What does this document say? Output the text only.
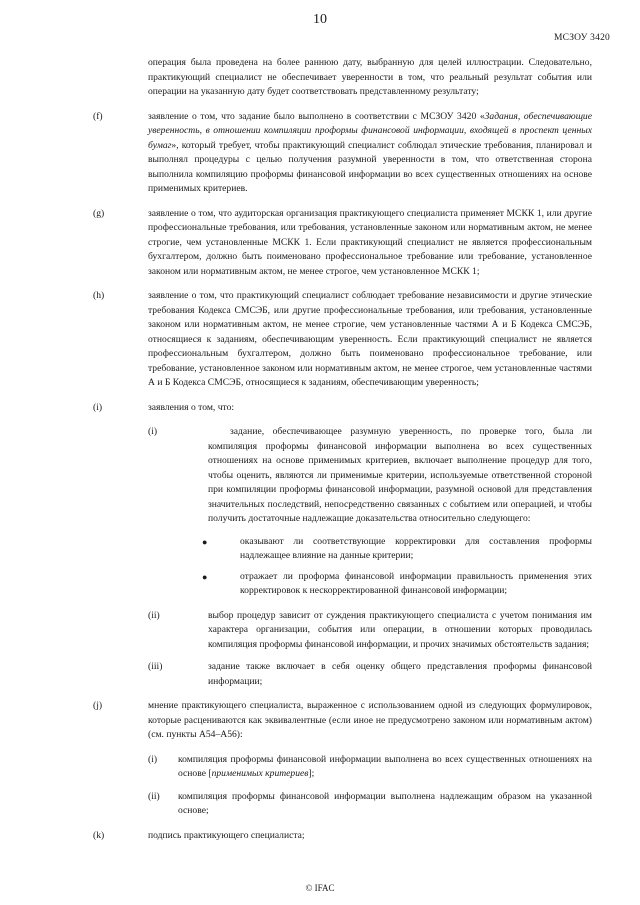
10
МСЗОУ 3420

операция была проведена на более раннюю дату, выбранную для целей иллюстрации. Следовательно, практикующий специалист не обеспечивает уверенности в том, что реальный результат события или операции на указанную дату будет соответствовать представленному результату;

(f)	заявление о том, что задание было выполнено в соответствии с МСЗОУ 3420 «Задания, обеспечивающие уверенность, в отношении компиляции проформы финансовой информации, входящей в проспект ценных бумаг», который требует, чтобы практикующий специалист соблюдал этические требования, планировал и выполнял процедуры с целью получения разумной уверенности в том, что ответственная сторона выполнила компиляцию проформы финансовой информации во всех существенных отношениях на основе применимых критериев.
(g)	заявление о том, что аудиторская организация практикующего специалиста применяет МСКК 1, или другие профессиональные требования, или требования, установленные законом или нормативным актом, не менее строгие, чем установленные МСКК 1. Если практикующий специалист не является профессиональным бухгалтером, должно быть поименовано профессиональное требование или требование, установленное законом или нормативным актом, не менее строгое, чем установленное МСКК 1;
(h)	заявление о том, что практикующий специалист соблюдает требование независимости и другие этические требования Кодекса СМСЭБ, или другие профессиональные требования, или требования, установленные законом или нормативным актом, не менее строгие, чем установленные частями А и Б Кодекса СМСЭБ, относящиеся к заданиям, обеспечивающим уверенность. Если практикующий специалист не является профессиональным бухгалтером, должно быть поименовано профессиональное требование, или требование, установленное законом или нормативным актом, не менее строгое, чем установленные частями А и Б Кодекса СМСЭБ, относящиеся к заданиям, обеспечивающим уверенность;
(i)	заявления о том, что:
(i)	задание, обеспечивающее разумную уверенность, по проверке того, была ли компиляция проформы финансовой информации выполнена во всех существенных отношениях на основе применимых критериев, включает выполнение процедур для того, чтобы оценить, являются ли применимые критерии, используемые ответственной стороной при компиляции проформы финансовой информации, разумной основой для представления значительных последствий, непосредственно связанных с событием или операцией, и чтобы получить достаточные надлежащие доказательства относительно следующего:
●	оказывают ли соответствующие корректировки для составления проформы надлежащее влияние на данные критерии;
●	отражает ли проформа финансовой информации правильность применения этих корректировок к нескорректированной финансовой информации;
(ii)	выбор процедур зависит от суждения практикующего специалиста с учетом понимания им характера организации, события или операции, в отношении которых проводилась компиляция проформы финансовой информации, и прочих значимых обстоятельств задания;
(iii)	задание также включает в себя оценку общего представления проформы финансовой информации;
(j)	мнение практикующего специалиста, выраженное с использованием одной из следующих формулировок, которые расцениваются как эквивалентные (если иное не предусмотрено законом или нормативным актом) (см. пункты A54–A56):
(i) компиляция проформы финансовой информации выполнена во всех существенных отношениях на основе [применимых критериев];
(ii) компиляция проформы финансовой информации выполнена надлежащим образом на указанной основе;
(k)	подпись практикующего специалиста;
© IFAC
